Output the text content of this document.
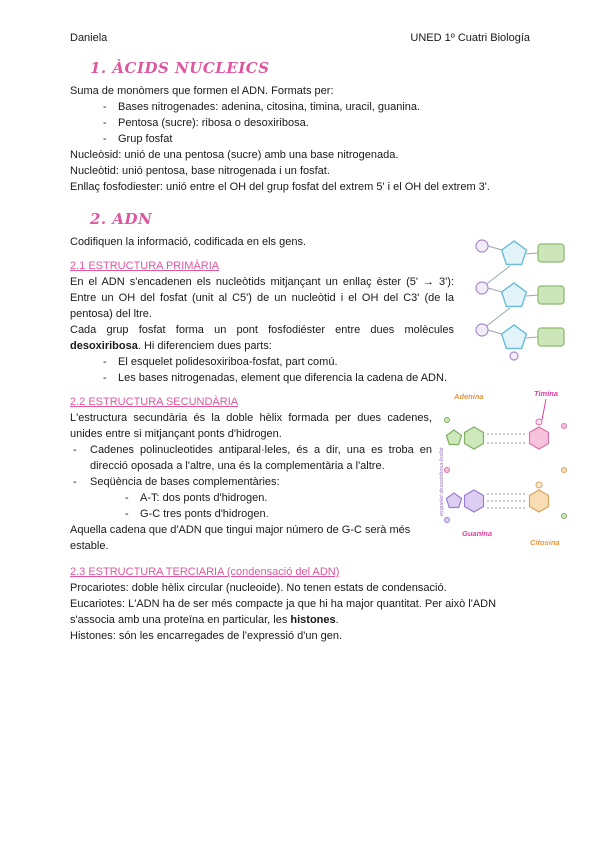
Daniela	UNED 1º Cuatri Biología
1. ÀCIDS NUCLEICS

Suma de monòmers que formen el ADN. Formats per:

- Bases nitrogenades: adenina, citosina, timina, uracil, guanina.
- Pentosa (sucre): ribosa o desoxiribosa.
- Grup fosfat

Nucleòsid: unió de una pentosa (sucre) amb una base nitrogenada.

Nucleòtid: unió pentosa, base nitrogenada i un fosfat.

Enllaç fosfodiester: unió entre el OH del grup fosfat del extrem 5' i el OH del extrem 3'.

2. ADN

Codifiquen la informació, codificada en els gens.

2.1 ESTRUCTURA PRIMÀRIA

En el ADN s'encadenen els nucleòtids mitjançant un enllaç èster (5' → 3'): Entre un OH del fosfat (unit al C5') de un nucleòtid i el OH del C3' (de la pentosa) del ltre.

Cada grup fosfat forma un pont fosfodiéster entre dues molècules desoxiribosa. Hi diferenciem dues parts:

- El esquelet polidesoxiriboa-fosfat, part comú.
- Les bases nitrogenadas, element que diferencia la cadena de ADN.
esquelet desoxiribosa-fosfat
Adenina	Timina
Guanina
Citosina
2.2 ESTRUCTURA SECUNDÀRIA

L'estructura secundària és la doble hèlix formada per dues cadenes, unides entre si mitjançant ponts d'hidrogen.

- Cadenes polinucleotides antiparal·leles, és a dir, una es troba en direcció oposada a l'altre, una és la complementària a l'altre.
- Seqüència de bases complementàries:
- A-T: dos ponts d'hidrogen.
- G-C tres ponts d'hidrogen.

Aquella cadena que d'ADN que tingui major número de G-C serà més estable.

2.3 ESTRUCTURA TERCIARIA (condensació del ADN)

Procariotes: doble hèlix circular (nucleoide). No tenen estats de condensació.

Eucariotes: L'ADN ha de ser més compacte ja que hi ha major quantitat. Per això l'ADN s'associa amb una proteïna en particular, les histones.

Histones: són les encarregades de l'expressió d'un gen.
